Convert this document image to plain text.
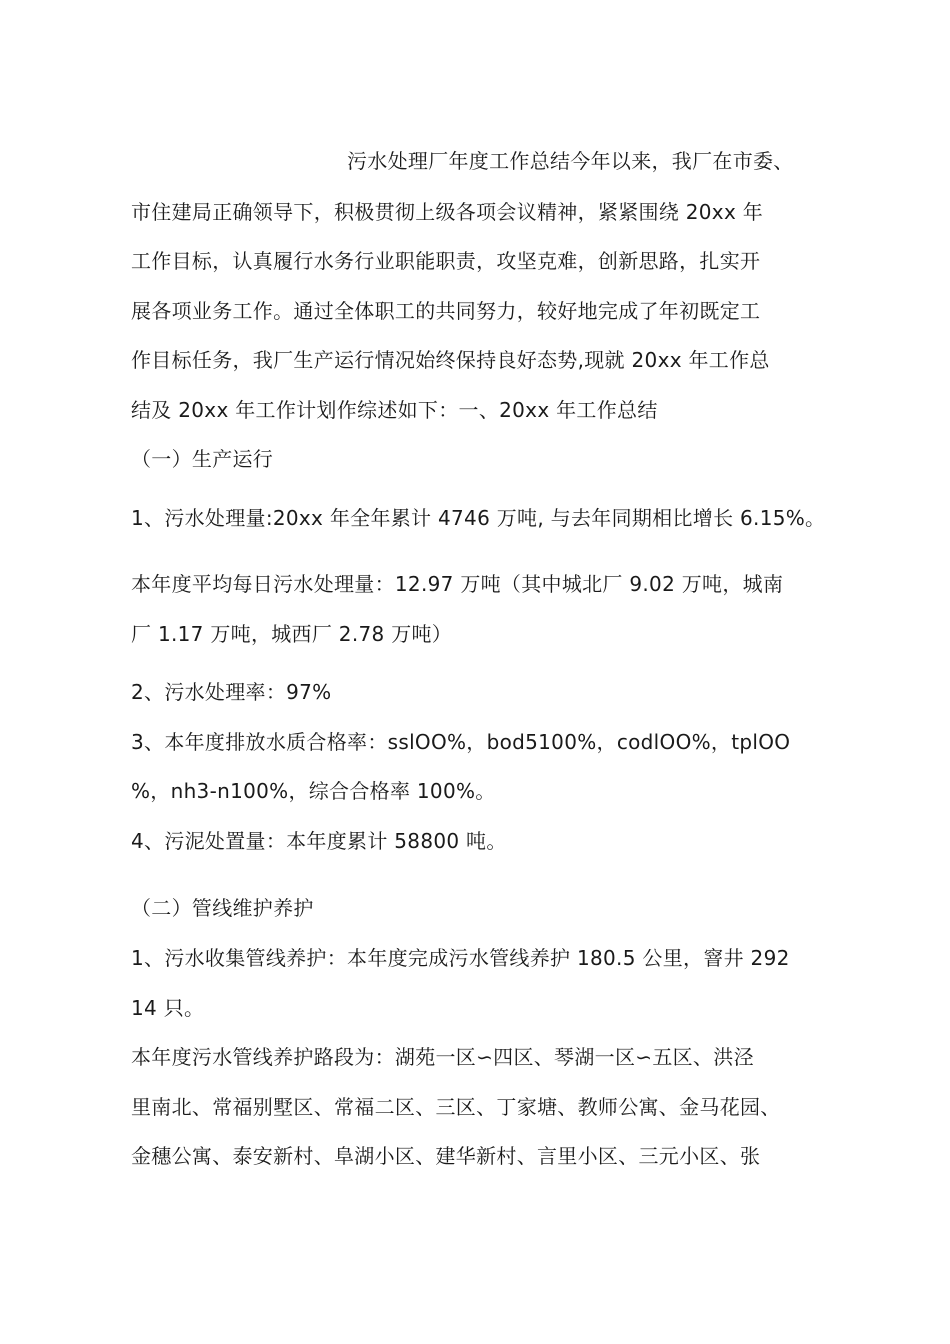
污水处理厂年度工作总结今年以来，我厂在市委、
市住建局正确领导下，积极贯彻上级各项会议精神，紧紧围绕 20xx 年
工作目标，认真履行水务行业职能职责，攻坚克难，创新思路，扎实开
展各项业务工作。通过全体职工的共同努力，较好地完成了年初既定工
作目标任务，我厂生产运行情况始终保持良好态势,现就 20xx 年工作总
结及 20xx 年工作计划作综述如下：一、20xx 年工作总结
（一）生产运行
1、污水处理量:20xx 年全年累计 4746 万吨, 与去年同期相比增长 6.15%。
本年度平均每日污水处理量：12.97 万吨（其中城北厂 9.02 万吨，城南
厂 1.17 万吨，城西厂 2.78 万吨）
2、污水处理率：97%
3、本年度排放水质合格率：sslOO%，bod5100%，codlOO%，tplOO
%，nh3-n100%，综合合格率 100%。
4、污泥处置量：本年度累计 58800 吨。
（二）管线维护养护
1、污水收集管线养护：本年度完成污水管线养护 180.5 公里，窨井 292
14 只。
本年度污水管线养护路段为：湖苑一区∽四区、琴湖一区∽五区、洪泾
里南北、常福别墅区、常福二区、三区、丁家塘、教师公寓、金马花园、
金穗公寓、泰安新村、阜湖小区、建华新村、言里小区、三元小区、张
